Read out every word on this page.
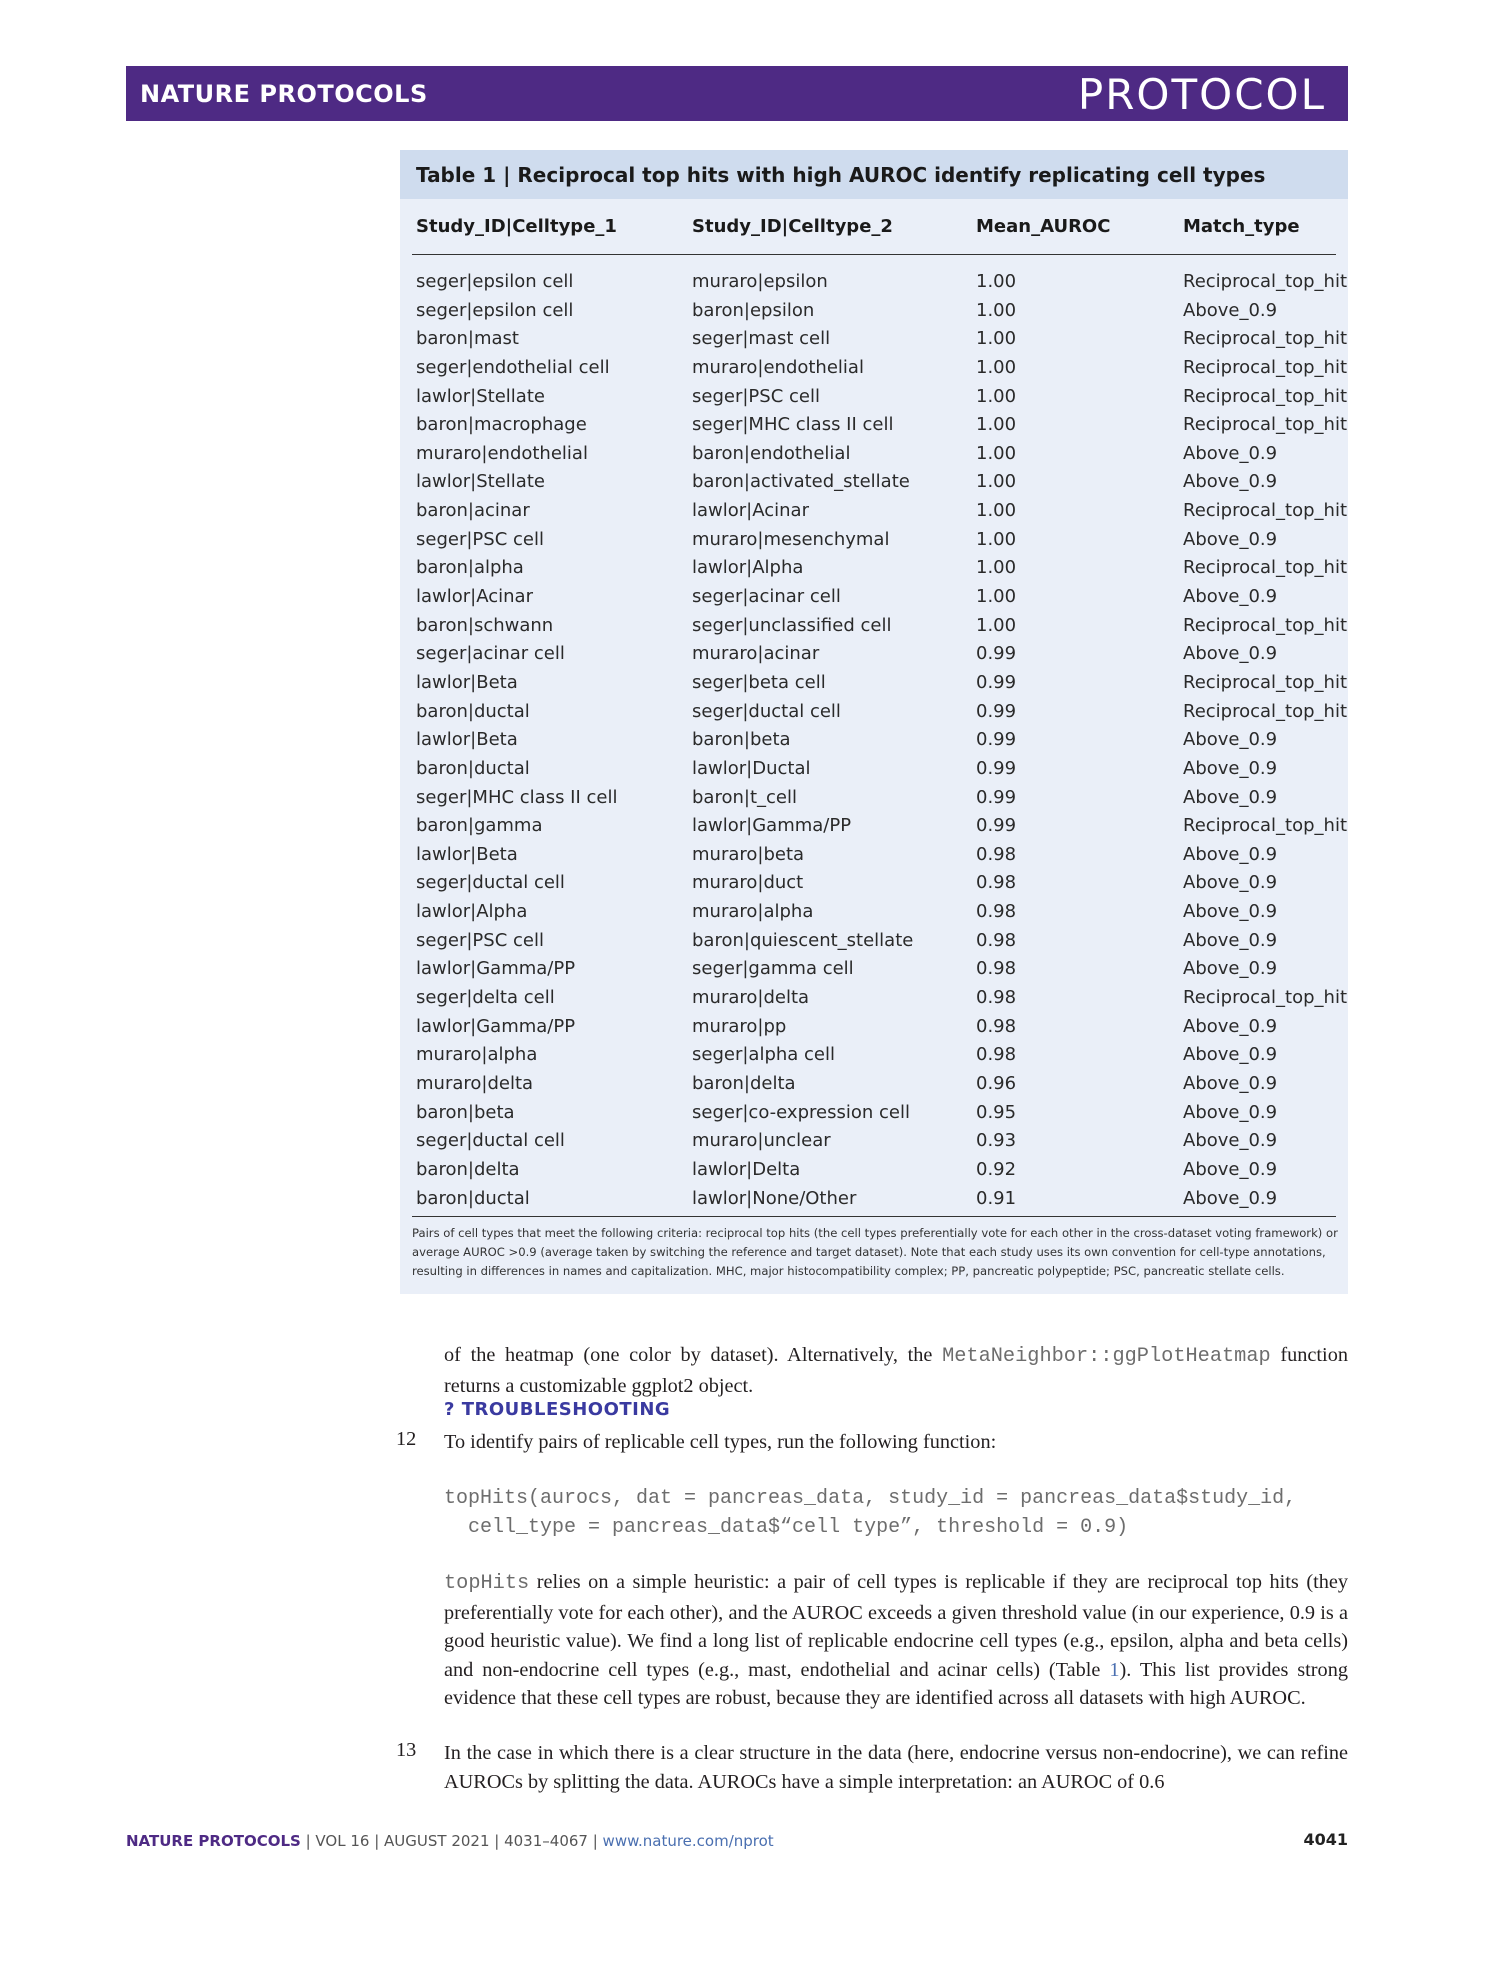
NATURE PROTOCOLS	PROTOCOL
Table 1 | Reciprocal top hits with high AUROC identify replicating cell types
Study_ID|Celltype_1	Study_ID|Celltype_2	Mean_AUROC	Match_type
seger|epsilon cell	muraro|epsilon	1.00	Reciprocal_top_hit
seger|epsilon cell	baron|epsilon	1.00	Above_0.9
baron|mast	seger|mast cell	1.00	Reciprocal_top_hit
seger|endothelial cell	muraro|endothelial	1.00	Reciprocal_top_hit
lawlor|Stellate	seger|PSC cell	1.00	Reciprocal_top_hit
baron|macrophage	seger|MHC class II cell	1.00	Reciprocal_top_hit
muraro|endothelial	baron|endothelial	1.00	Above_0.9
lawlor|Stellate	baron|activated_stellate	1.00	Above_0.9
baron|acinar	lawlor|Acinar	1.00	Reciprocal_top_hit
seger|PSC cell	muraro|mesenchymal	1.00	Above_0.9
baron|alpha	lawlor|Alpha	1.00	Reciprocal_top_hit
lawlor|Acinar	seger|acinar cell	1.00	Above_0.9
baron|schwann	seger|unclassified cell	1.00	Reciprocal_top_hit
seger|acinar cell	muraro|acinar	0.99	Above_0.9
lawlor|Beta	seger|beta cell	0.99	Reciprocal_top_hit
baron|ductal	seger|ductal cell	0.99	Reciprocal_top_hit
lawlor|Beta	baron|beta	0.99	Above_0.9
baron|ductal	lawlor|Ductal	0.99	Above_0.9
seger|MHC class II cell	baron|t_cell	0.99	Above_0.9
baron|gamma	lawlor|Gamma/PP	0.99	Reciprocal_top_hit
lawlor|Beta	muraro|beta	0.98	Above_0.9
seger|ductal cell	muraro|duct	0.98	Above_0.9
lawlor|Alpha	muraro|alpha	0.98	Above_0.9
seger|PSC cell	baron|quiescent_stellate	0.98	Above_0.9
lawlor|Gamma/PP	seger|gamma cell	0.98	Above_0.9
seger|delta cell	muraro|delta	0.98	Reciprocal_top_hit
lawlor|Gamma/PP	muraro|pp	0.98	Above_0.9
muraro|alpha	seger|alpha cell	0.98	Above_0.9
muraro|delta	baron|delta	0.96	Above_0.9
baron|beta	seger|co-expression cell	0.95	Above_0.9
seger|ductal cell	muraro|unclear	0.93	Above_0.9
baron|delta	lawlor|Delta	0.92	Above_0.9
baron|ductal	lawlor|None/Other	0.91	Above_0.9
Pairs of cell types that meet the following criteria: reciprocal top hits (the cell types preferentially vote for each other in the cross-dataset voting framework) or average AUROC >0.9 (average taken by switching the reference and target dataset). Note that each study uses its own convention for cell-type annotations, resulting in differences in names and capitalization. MHC, major histocompatibility complex; PP, pancreatic polypeptide; PSC, pancreatic stellate cells.
of the heatmap (one color by dataset). Alternatively, the MetaNeighbor::ggPlotHeatmap function returns a customizable ggplot2 object.
? TROUBLESHOOTING
12 To identify pairs of replicable cell types, run the following function:
topHits(aurocs, dat = pancreas_data, study_id = pancreas_data$study_id,
cell_type = pancreas_data$“cell type”, threshold = 0.9)
topHits relies on a simple heuristic: a pair of cell types is replicable if they are reciprocal top hits (they preferentially vote for each other), and the AUROC exceeds a given threshold value (in our experience, 0.9 is a good heuristic value). We find a long list of replicable endocrine cell types (e.g., epsilon, alpha and beta cells) and non-endocrine cell types (e.g., mast, endothelial and acinar cells) (Table 1). This list provides strong evidence that these cell types are robust, because they are identified across all datasets with high AUROC.
13 In the case in which there is a clear structure in the data (here, endocrine versus non-endocrine), we can refine AUROCs by splitting the data. AUROCs have a simple interpretation: an AUROC of 0.6
NATURE PROTOCOLS | VOL 16 | AUGUST 2021 | 4031–4067 | www.nature.com/nprot	4041
